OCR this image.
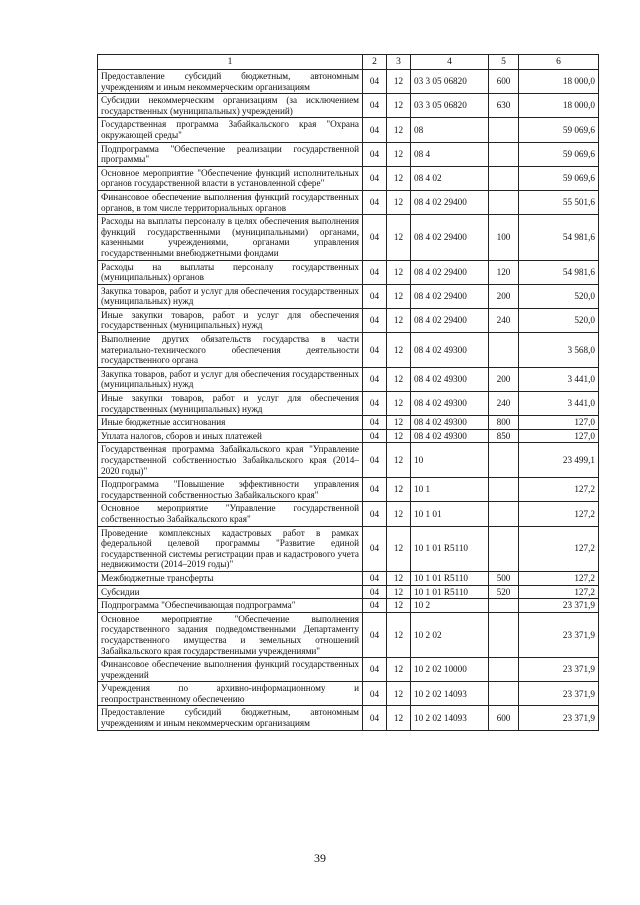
1	2	3	4	5	6
Предоставление субсидий бюджетным, автономным учреждениям и иным некоммерческим организациям	04	12	03 3 05 06820	600	18 000,0
Субсидии некоммерческим организациям (за исключением государственных (муниципальных) учреждений)	04	12	03 3 05 06820	630	18 000,0
Государственная программа Забайкальского края "Охрана окружающей среды"	04	12	08		59 069,6
Подпрограмма "Обеспечение реализации государственной программы"	04	12	08 4		59 069,6
Основное мероприятие "Обеспечение функций исполнительных органов государственной власти в установленной сфере"	04	12	08 4 02		59 069,6
Финансовое обеспечение выполнения функций государственных органов, в том числе территориальных органов	04	12	08 4 02 29400		55 501,6
Расходы на выплаты персоналу в целях обеспечения выполнения функций государственными (муниципальными) органами, казенными учреждениями, органами управления государственными внебюджетными фондами	04	12	08 4 02 29400	100	54 981,6
Расходы на выплаты персоналу государственных (муниципальных) органов	04	12	08 4 02 29400	120	54 981,6
Закупка товаров, работ и услуг для обеспечения государственных (муниципальных) нужд	04	12	08 4 02 29400	200	520,0
Иные закупки товаров, работ и услуг для обеспечения государственных (муниципальных) нужд	04	12	08 4 02 29400	240	520,0
Выполнение других обязательств государства в части материально-технического обеспечения деятельности государственного органа	04	12	08 4 02 49300		3 568,0
Закупка товаров, работ и услуг для обеспечения государственных (муниципальных) нужд	04	12	08 4 02 49300	200	3 441,0
Иные закупки товаров, работ и услуг для обеспечения государственных (муниципальных) нужд	04	12	08 4 02 49300	240	3 441,0
Иные бюджетные ассигнования	04	12	08 4 02 49300	800	127,0
Уплата налогов, сборов и иных платежей	04	12	08 4 02 49300	850	127,0
Государственная программа Забайкальского края "Управление государственной собственностью Забайкальского края (2014–2020 годы)"	04	12	10		23 499,1
Подпрограмма "Повышение эффективности управления государственной собственностью Забайкальского края"	04	12	10 1		127,2
Основное мероприятие "Управление государственной собственностью Забайкальского края"	04	12	10 1 01		127,2
Проведение комплексных кадастровых работ в рамках федеральной целевой программы "Развитие единой государственной системы регистрации прав и кадастрового учета недвижимости (2014–2019 годы)"	04	12	10 1 01 R5110		127,2
Межбюджетные трансферты	04	12	10 1 01 R5110	500	127,2
Субсидии	04	12	10 1 01 R5110	520	127,2
Подпрограмма "Обеспечивающая подпрограмма"	04	12	10 2		23 371,9
Основное мероприятие "Обеспечение выполнения государственного задания подведомственными Департаменту государственного имущества и земельных отношений Забайкальского края государственными учреждениями"	04	12	10 2 02		23 371,9
Финансовое обеспечение выполнения функций государственных учреждений	04	12	10 2 02 10000		23 371,9
Учреждения по архивно-информационному и геопространственному обеспечению	04	12	10 2 02 14093		23 371,9
Предоставление субсидий бюджетным, автономным учреждениям и иным некоммерческим организациям	04	12	10 2 02 14093	600	23 371,9
39
